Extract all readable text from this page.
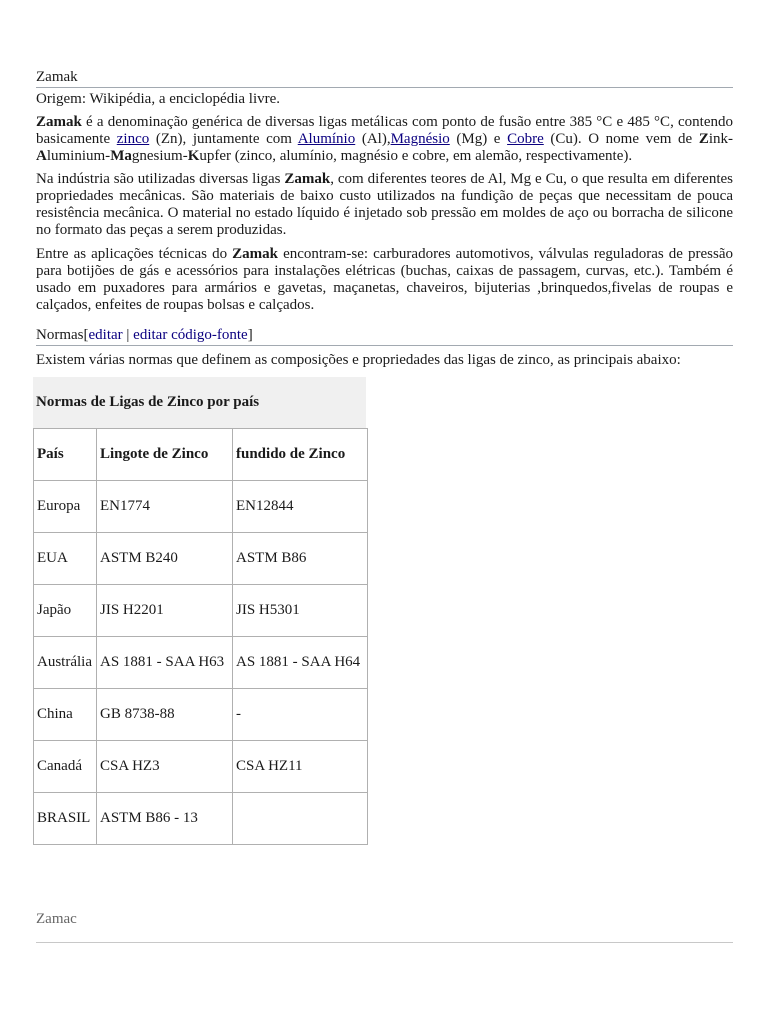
Zamak
Origem: Wikipédia, a enciclopédia livre.

Zamak é a denominação genérica de diversas ligas metálicas com ponto de fusão entre 385 °C e 485 °C, contendo basicamente zinco (Zn), juntamente com Alumínio (Al),Magnésio (Mg) e Cobre (Cu). O nome vem de Zink-Aluminium-Magnesium-Kupfer (zinco, alumínio, magnésio e cobre, em alemão, respectivamente).

Na indústria são utilizadas diversas ligas Zamak, com diferentes teores de Al, Mg e Cu, o que resulta em diferentes propriedades mecânicas. São materiais de baixo custo utilizados na fundição de peças que necessitam de pouca resistência mecânica. O material no estado líquido é injetado sob pressão em moldes de aço ou borracha de silicone no formato das peças a serem produzidas.

Entre as aplicações técnicas do Zamak encontram-se: carburadores automotivos, válvulas reguladoras de pressão para botijões de gás e acessórios para instalações elétricas (buchas, caixas de passagem, curvas, etc.). Também é usado em puxadores para armários e gavetas, maçanetas, chaveiros, bijuterias ,brinquedos,fivelas de roupas e calçados, enfeites de roupas bolsas e calçados.

Normas[editar | editar código-fonte]

Existem várias normas que definem as composições e propriedades das ligas de zinco, as principais abaixo:

Normas de Ligas de Zinco por país
País	Lingote de Zinco	fundido de Zinco
Europa	EN1774	EN12844
EUA	ASTM B240	ASTM B86
Japão	JIS H2201	JIS H5301
Austrália	AS 1881 - SAA H63	AS 1881 - SAA H64
China	GB 8738-88	-
Canadá	CSA HZ3	CSA HZ11
BRASIL	ASTM B86 - 13	
Zamac
